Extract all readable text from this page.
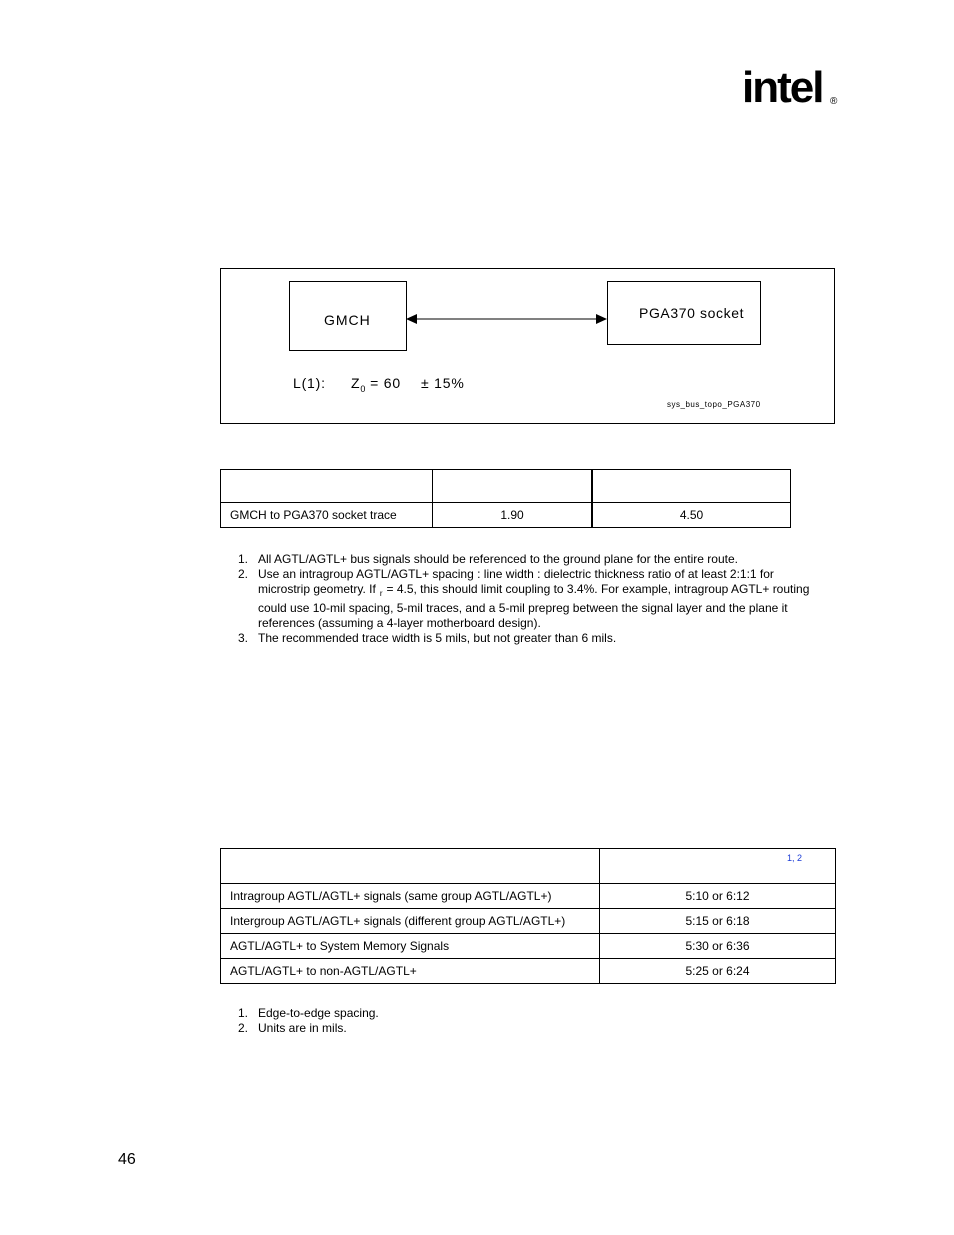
intel ®
GMCH	PGA370 socket
L(1): $Z_0 = 60 \pm 15\%$
sys_bus_topo_PGA370

GMCH to PGA370 socket trace	1.90	4.50
1. All AGTL/AGTL+ bus signals should be referenced to the ground plane for the entire route.
2. Use an intragroup AGTL/AGTL+ spacing : line width : dielectric thickness ratio of at least 2:1:1 for microstrip geometry. If $_r$ = 4.5, this should limit coupling to 3.4%. For example, intragroup AGTL+ routing could use 10-mil spacing, 5-mil traces, and a 5-mil prepreg between the signal layer and the plane it references (assuming a 4-layer motherboard design).
3. The recommended trace width is 5 mils, but not greater than 6 mils.

	1, 2

Intragroup AGTL/AGTL+ signals (same group AGTL/AGTL+)	5:10 or 6:12
Intergroup AGTL/AGTL+ signals (different group AGTL/AGTL+)	5:15 or 6:18
AGTL/AGTL+ to System Memory Signals	5:30 or 6:36
AGTL/AGTL+ to non-AGTL/AGTL+	5:25 or 6:24
1. Edge-to-edge spacing.
2. Units are in mils.
46
